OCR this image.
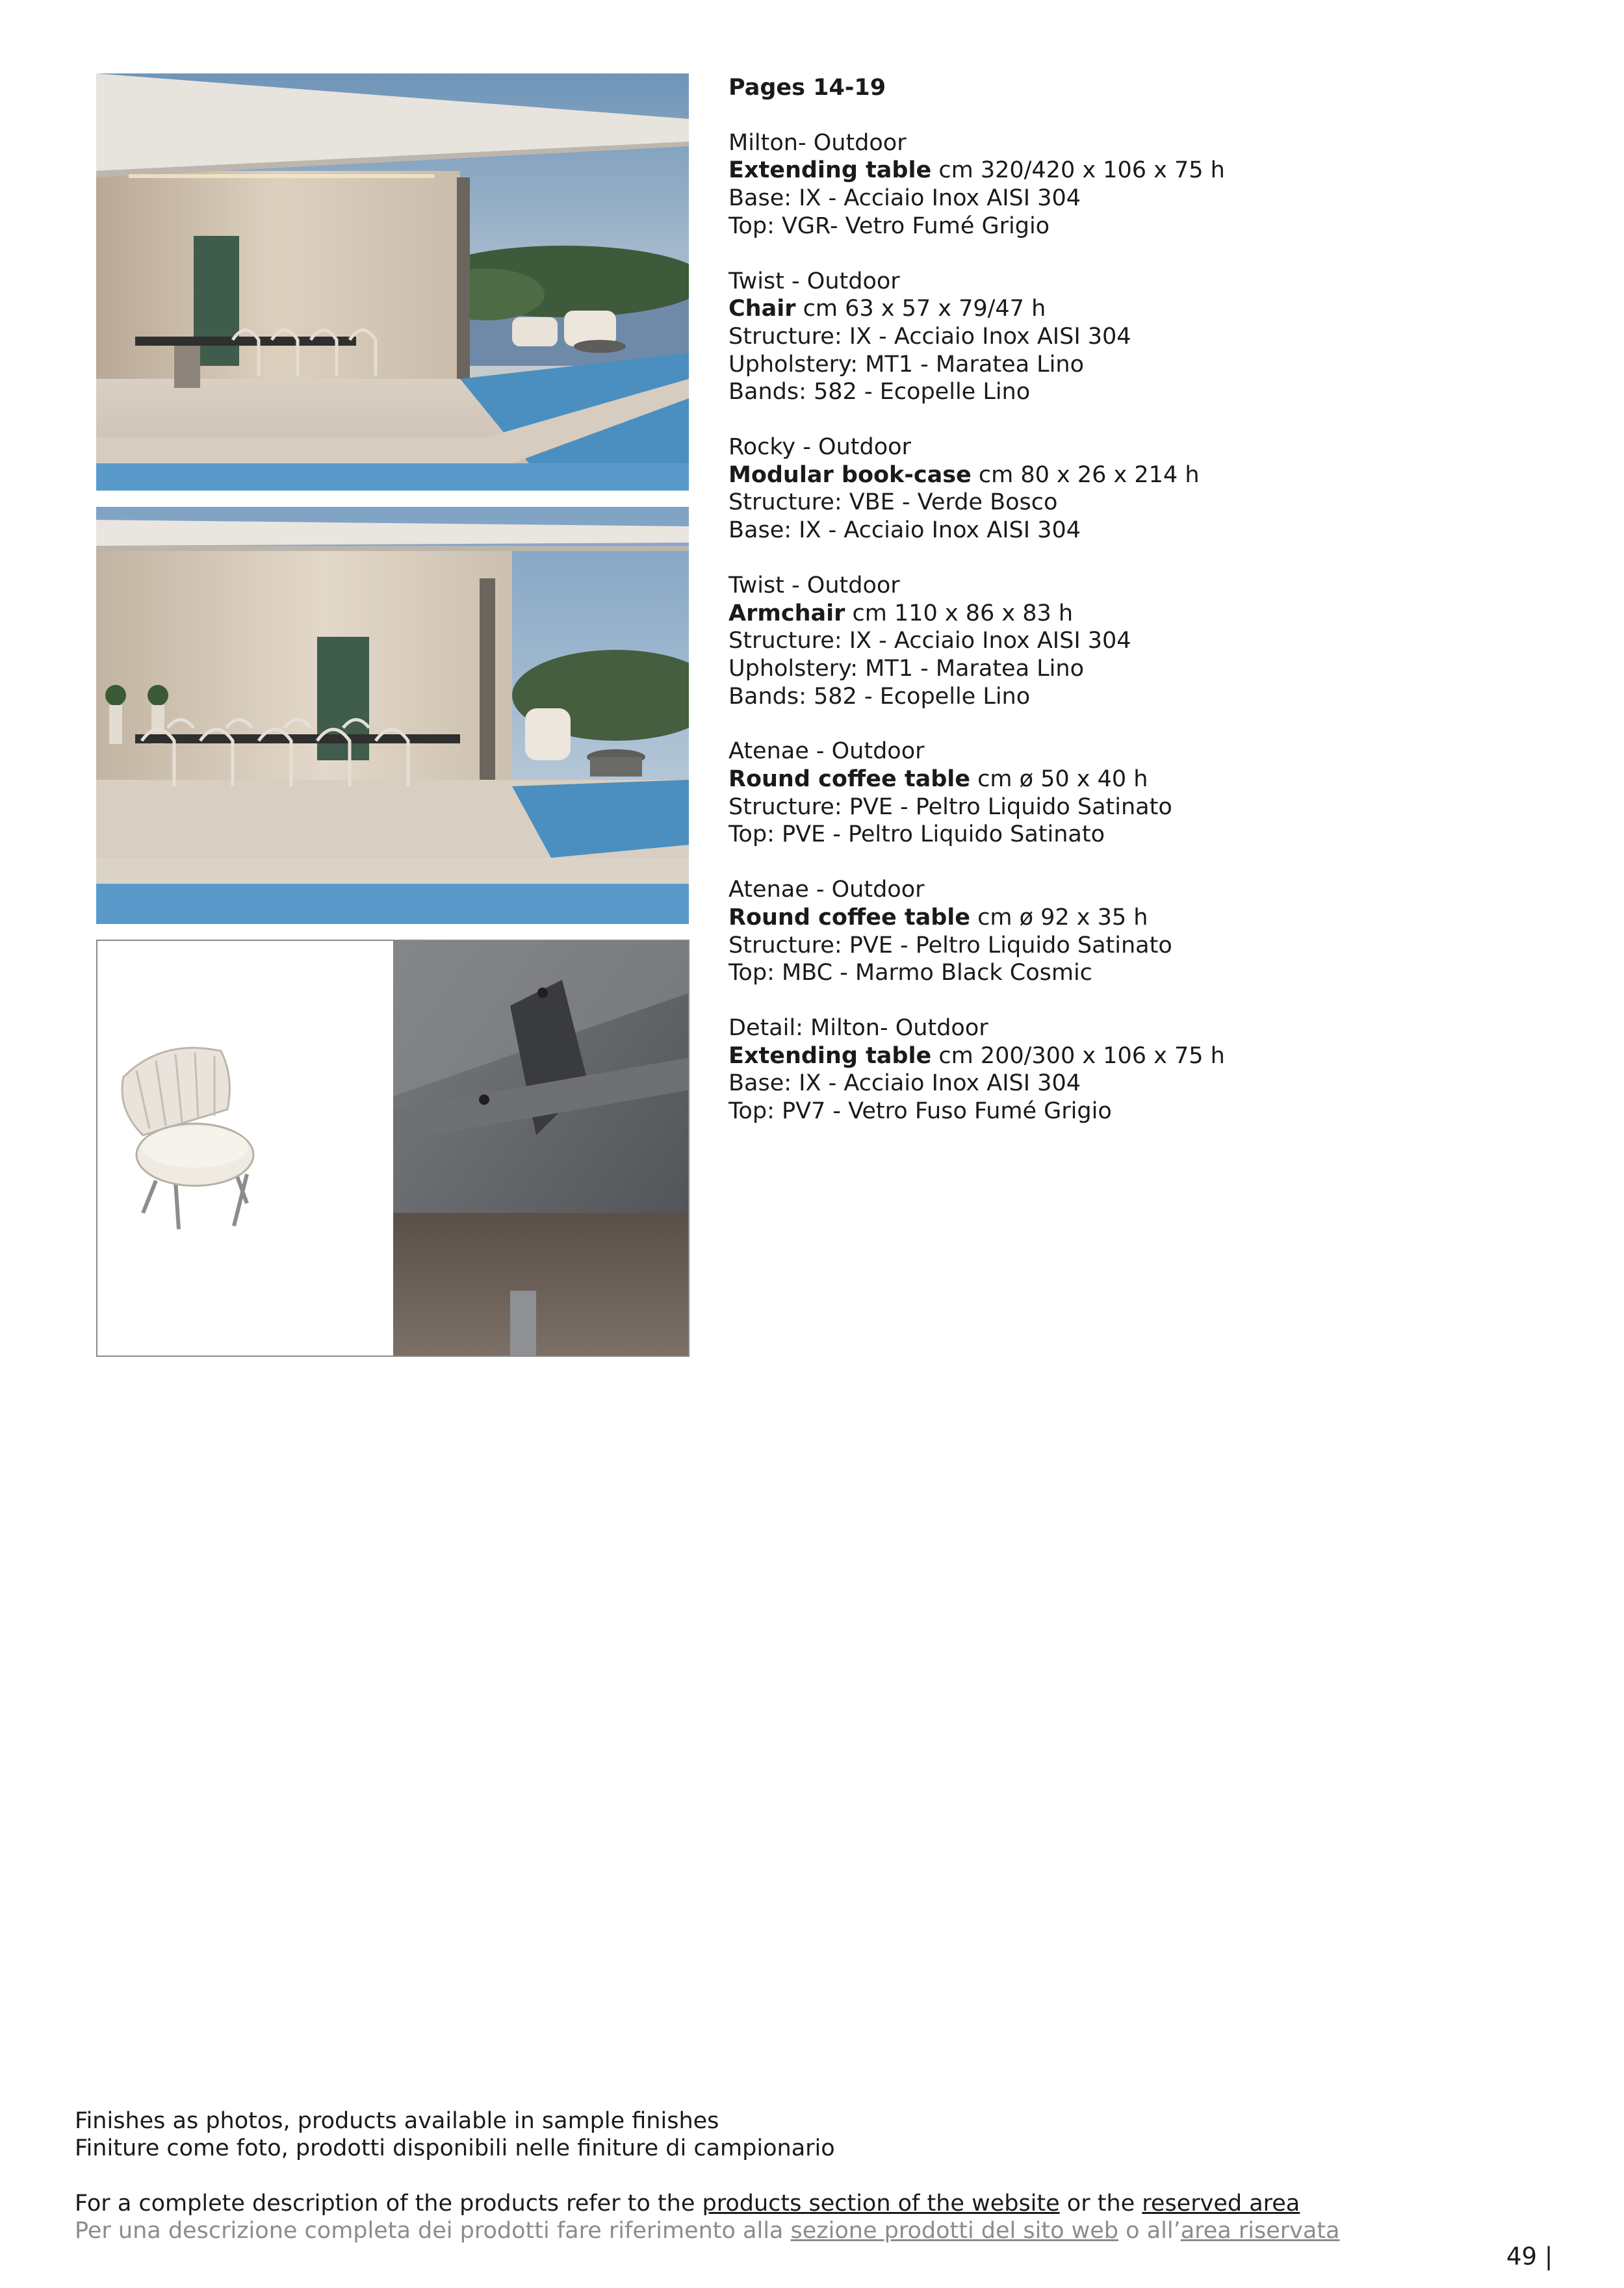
Pages 14-19
Milton- Outdoor
Extending table cm 320/420 x 106 x 75 h
Base: IX - Acciaio Inox AISI 304
Top: VGR- Vetro Fumé Grigio
Twist - Outdoor
Chair cm 63 x 57 x 79/47 h
Structure: IX - Acciaio Inox AISI 304
Upholstery: MT1 - Maratea Lino
Bands: 582 - Ecopelle Lino
Rocky - Outdoor
Modular book-case cm 80 x 26 x 214 h
Structure: VBE - Verde Bosco
Base: IX - Acciaio Inox AISI 304
Twist - Outdoor
Armchair cm 110 x 86 x 83 h
Structure: IX - Acciaio Inox AISI 304
Upholstery: MT1 - Maratea Lino
Bands: 582 - Ecopelle Lino
Atenae - Outdoor
Round coffee table cm ø 50 x 40 h
Structure: PVE - Peltro Liquido Satinato
Top: PVE - Peltro Liquido Satinato
Atenae - Outdoor
Round coffee table cm ø 92 x 35 h
Structure: PVE - Peltro Liquido Satinato
Top: MBC - Marmo Black Cosmic
Detail: Milton- Outdoor
Extending table cm 200/300 x 106 x 75 h
Base: IX - Acciaio Inox AISI 304
Top: PV7 - Vetro Fuso Fumé Grigio
Finishes as photos, products available in sample finishes
Finiture come foto, prodotti disponibili nelle finiture di campionario
For a complete description of the products refer to the products section of the website or the reserved area
Per una descrizione completa dei prodotti fare riferimento alla sezione prodotti del sito web o all’area riservata
49 |
